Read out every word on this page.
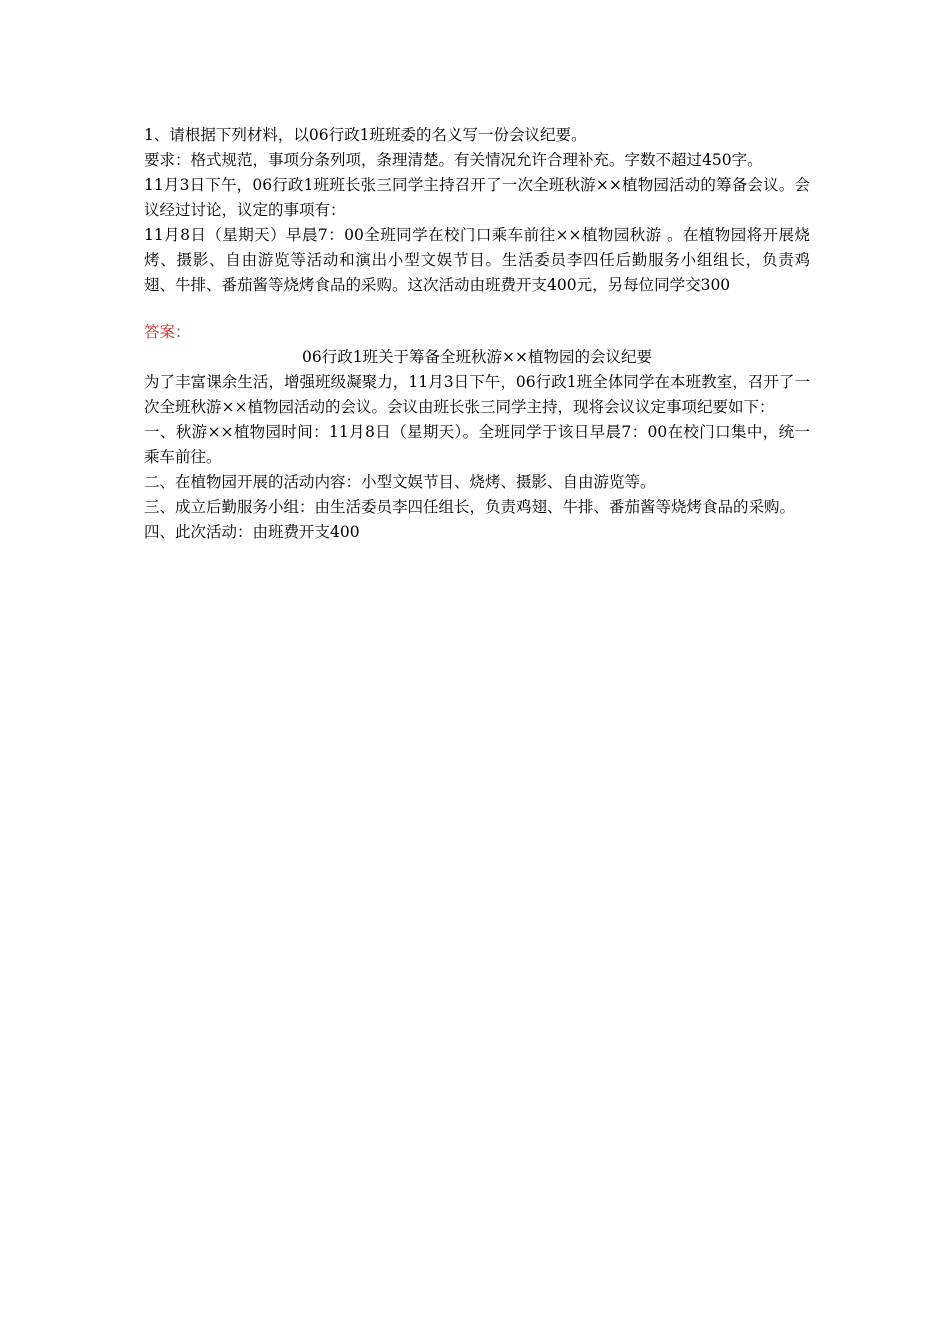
1、请根据下列材料，以06行政1班班委的名义写一份会议纪要。

要求：格式规范，事项分条列项，条理清楚。有关情况允许合理补充。字数不超过450字。

11月3日下午，06行政1班班长张三同学主持召开了一次全班秋游××植物园活动的筹备会议。会议经过讨论，议定的事项有：

11月8日（星期天）早晨7：00全班同学在校门口乘车前往××植物园秋游 。在植物园将开展烧烤、摄影、自由游览等活动和演出小型文娱节目。生活委员李四任后勤服务小组组长，负责鸡翅、牛排、番茄酱等烧烤食品的采购。这次活动由班费开支400元，另每位同学交300

答案：

06行政1班关于筹备全班秋游××植物园的会议纪要

为了丰富课余生活，增强班级凝聚力，11月3日下午，06行政1班全体同学在本班教室，召开了一次全班秋游××植物园活动的会议。会议由班长张三同学主持，现将会议议定事项纪要如下：

一、秋游××植物园时间：11月8日（星期天）。全班同学于该日早晨7：00在校门口集中，统一乘车前往。

二、在植物园开展的活动内容：小型文娱节目、烧烤、摄影、自由游览等。

三、成立后勤服务小组：由生活委员李四任组长，负责鸡翅、牛排、番茄酱等烧烤食品的采购。

四、此次活动：由班费开支400
